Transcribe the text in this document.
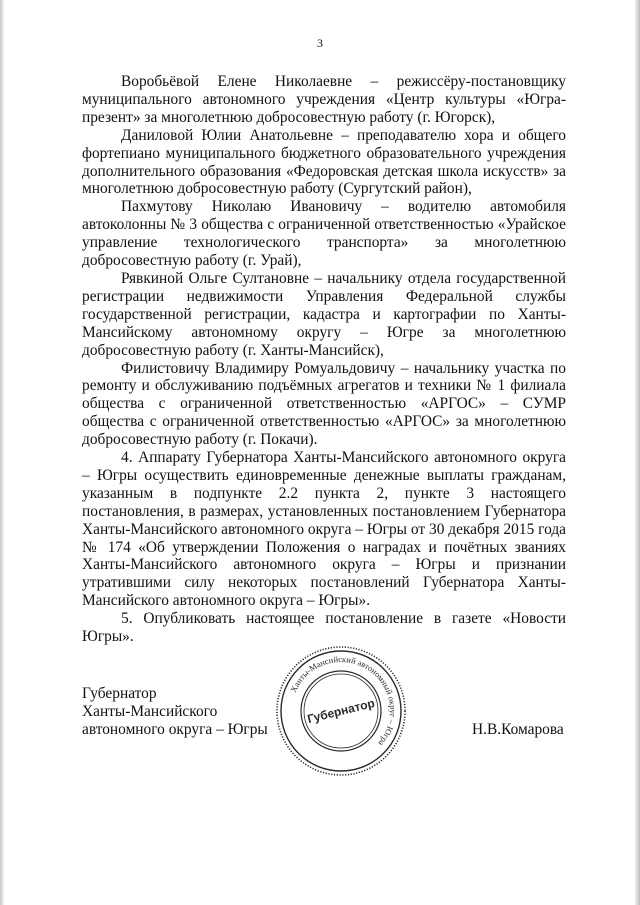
3

Воробьёвой Елене Николаевне – режиссёру-постановщику муниципального автономного учреждения «Центр культуры «Югра-презент» за многолетнюю добросовестную работу (г. Югорск),

Даниловой Юлии Анатольевне – преподавателю хора и общего фортепиано муниципального бюджетного образовательного учреждения дополнительного образования «Федоровская детская школа искусств» за многолетнюю добросовестную работу (Сургутский район),

Пахмутову Николаю Ивановичу – водителю автомобиля автоколонны № 3 общества с ограниченной ответственностью «Урайское управление технологического транспорта» за многолетнюю добросовестную работу (г. Урай),

Рявкиной Ольге Султановне – начальнику отдела государственной регистрации недвижимости Управления Федеральной службы государственной регистрации, кадастра и картографии по Ханты-Мансийскому автономному округу – Югре за многолетнюю добросовестную работу (г. Ханты-Мансийск),

Филистовичу Владимиру Ромуальдовичу – начальнику участка по ремонту и обслуживанию подъёмных агрегатов и техники № 1 филиала общества с ограниченной ответственностью «АРГОС» – СУМР общества с ограниченной ответственностью «АРГОС» за многолетнюю добросовестную работу (г. Покачи).

4. Аппарату Губернатора Ханты-Мансийского автономного округа – Югры осуществить единовременные денежные выплаты гражданам, указанным в подпункте 2.2 пункта 2, пункте 3 настоящего постановления, в размерах, установленных постановлением Губернатора Ханты-Мансийского автономного округа – Югры от 30 декабря 2015 года № 174 «Об утверждении Положения о наградах и почётных званиях Ханты-Мансийского автономного округа – Югры и признании утратившими силу некоторых постановлений Губернатора Ханты-Мансийского автономного округа – Югры».

5. Опубликовать настоящее постановление в газете «Новости Югры».

Губернатор
Ханты-Мансийского
автономного округа – Югры
Ханты-Мансийский автономный округ – Югра
Губернатор
Н.В.Комарова
